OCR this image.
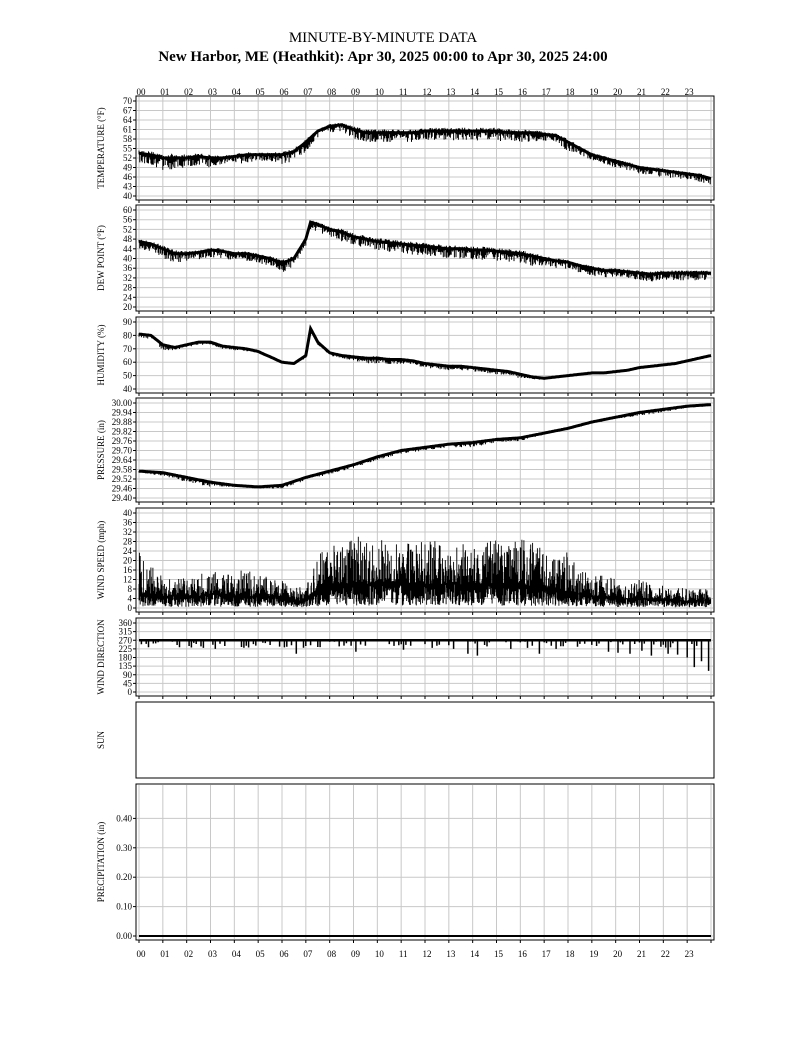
MINUTE-BY-MINUTE DATA
New Harbor, ME (Heathkit): Apr 30, 2025 00:00 to Apr 30, 2025 24:00
00
00
01
01
02
02
03
03
04
04
05
05
06
06
07
07
08
08
09
09
10
10
11
11
12
12
13
13
14
14
15
15
16
16
17
17
18
18
19
19
20
20
21
21
22
22
23
23
40
43
46
49
52
55
58
61
64
67
70
TEMPERATURE (°F)
20
24
28
32
36
40
44
48
52
56
60
DEW POINT (°F)
40
50
60
70
80
90
HUMIDITY (%)
29.40
29.46
29.52
29.58
29.64
29.70
29.76
29.82
29.88
29.94
30.00
PRESSURE (in)
0
4
8
12
16
20
24
28
32
36
40
WIND SPEED (mph)
0
45
90
135
180
225
270
315
360
WIND DIRECTION
SUN
0.00
0.10
0.20
0.30
0.40
PRECIPITATION (in)
